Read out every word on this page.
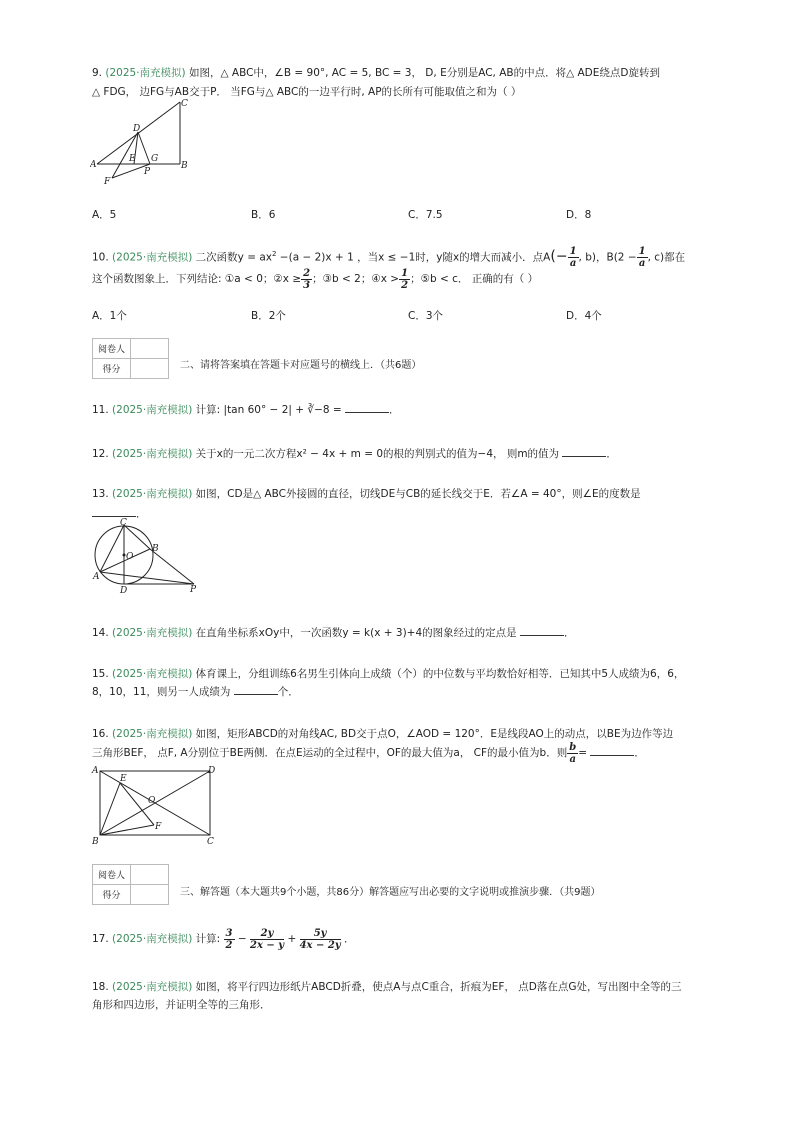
9. (2025·南充模拟) 如图，△ ABC中，∠B = 90°, AC = 5, BC = 3， D, E分别是AC, AB的中点．将△ ADE绕点D旋转到
△ FDG， 边FG与AB交于P． 当FG与△ ABC的一边平行时, AP的长所有可能取值之和为（ ）
C
D
A
E G
B
F
P
A．5	B．6	C．7.5	D．8
10. (2025·南充模拟) 二次函数$y = ax^2 -(a - 2)x + 1$ ，当x ≤ −1时，y随x的增大而减小．点$A(- \frac{1}{a}$ , b)，$B(2 - \frac{1}{a}$ , c)都在
这个函数图象上．下列结论: ①a < 0；②x ≥ $\frac{2}{3}$ ；③b < 2；④x > $\frac{1}{2}$ ；⑤b < c． 正确的有（ ）
A．1个	B．2个	C．3个	D．4个
阅卷人	
得分		二、请将答案填在答题卡对应题号的横线上．（共6题）
11. (2025·南充模拟) 计算: |tan 60° − 2| + ∛−8 =	．
12. (2025·南充模拟) 关于x的一元二次方程x² − 4x + m = 0的根的判别式的值为−4， 则m的值为	．
13. (2025·南充模拟) 如图，CD是△ ABC外接圆的直径，切线DE与CB的延长线交于E．若∠A = 40°，则∠E的度数是
．
C
O
B
A
D	P
14. (2025·南充模拟) 在直角坐标系xOy中，一次函数y = k(x + 3)+4的图象经过的定点是	．
15. (2025·南充模拟) 体育课上，分组训练6名男生引体向上成绩（个）的中位数与平均数恰好相等．已知其中5人成绩为6，6，
8，10，11，则另一人成绩为	个．
16. (2025·南充模拟) 如图，矩形ABCD的对角线AC, BD交于点O，∠AOD = 120°．E是线段AO上的动点，以BE为边作等边
三角形BEF， 点F, A分别位于BE两侧．在点E运动的全过程中，OF的最大值为a， CF的最小值为b．则 $\frac{b}{a}$ =	．
A
E
D
O
F
B	C
阅卷人	
得分		三、解答题（本大题共9个小题，共86分）解答题应写出必要的文字说明或推演步骤．（共9题）
17. (2025·南充模拟) 计算: $\frac{3}{2} - \frac{2y}{2x - y} + \frac{5y}{4x - 2y}$ ．
18. (2025·南充模拟) 如图，将平行四边形纸片ABCD折叠，使点A与点C重合，折痕为EF， 点D落在点G处，写出图中全等的三
角形和四边形，并证明全等的三角形．
